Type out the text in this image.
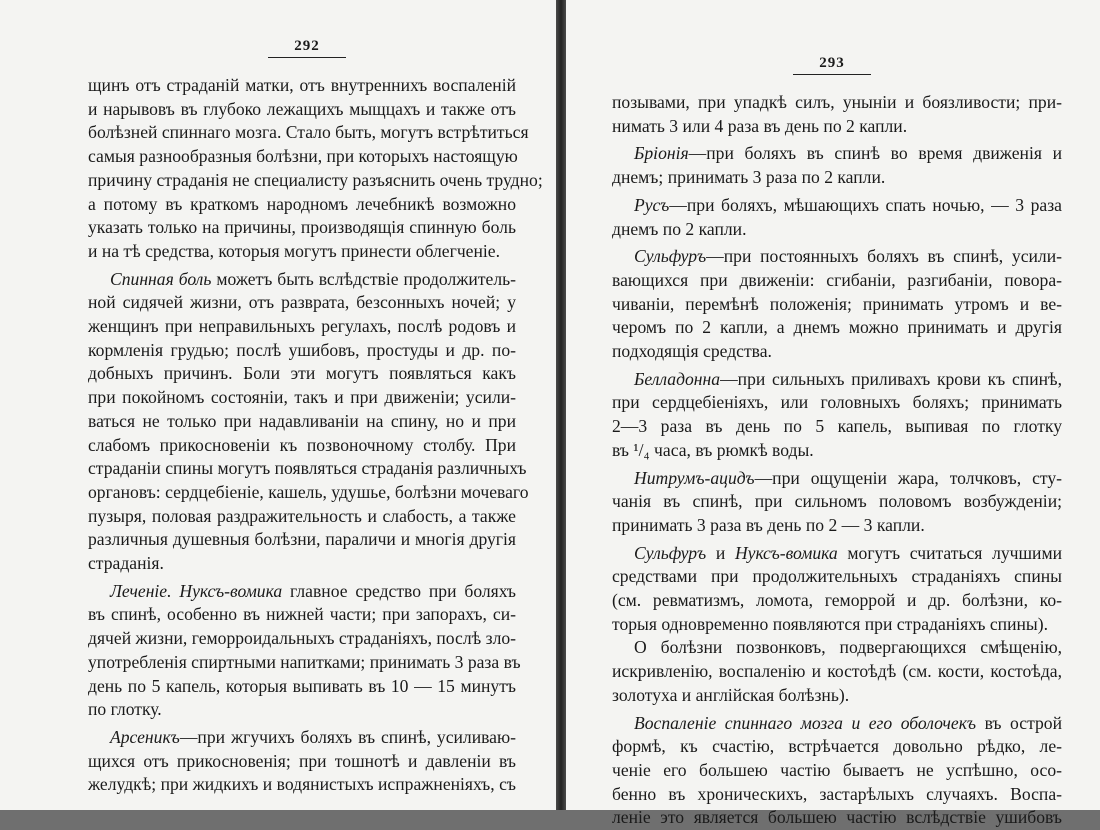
292
щинъ отъ страданій матки, отъ внутреннихъ воспаленій
и нарывовъ въ глубоко лежащихъ мыщцахъ и также отъ
болѣзней спиннаго мозга. Стало быть, могутъ встрѣтиться
самыя разнообразныя болѣзни, при которыхъ настоящую
причину страданія не специалисту разъяснить очень трудно;
а потому въ краткомъ народномъ лечебникѣ возможно
указать только на причины, производящія спинную боль
и на тѣ средства, которыя могутъ принести облегченіе.
Спинная боль можетъ быть вслѣдствіе продолжитель-
ной сидячей жизни, отъ разврата, безсонныхъ ночей; у
женщинъ при неправильныхъ регулахъ, послѣ родовъ и
кормленія грудью; послѣ ушибовъ, простуды и др. по-
добныхъ причинъ. Боли эти могутъ появляться какъ
при покойномъ состояніи, такъ и при движеніи; усили-
ваться не только при надавливаніи на спину, но и при
слабомъ прикосновеніи къ позвоночному столбу. При
страданіи спины могутъ появляться страданія различныхъ
органовъ: сердцебіеніе, кашель, удушье, болѣзни мочеваго
пузыря, половая раздражительность и слабость, а также
различныя душевныя болѣзни, параличи и многія другія
страданія.
Леченіе. Нуксъ-вомика главное средство при боляхъ
въ спинѣ, особенно въ нижней части; при запорахъ, си-
дячей жизни, геморроидальныхъ страданіяхъ, послѣ зло-
употребленія спиртными напитками; принимать 3 раза въ
день по 5 капель, которыя выпивать въ 10 — 15 минутъ
по глотку.
Арсеникъ—при жгучихъ боляхъ въ спинѣ, усиливаю-
щихся отъ прикосновенія; при тошнотѣ и давленіи въ
желудкѣ; при жидкихъ и водянистыхъ испражненіяхъ, съ
293
позывами, при упадкѣ силъ, уныніи и боязливости; при-
нимать 3 или 4 раза въ день по 2 капли.
Бріонія—при боляхъ въ спинѣ во время движенія и
днемъ; принимать 3 раза по 2 капли.
Русъ—при боляхъ, мѣшающихъ спать ночью, — 3 раза
днемъ по 2 капли.
Сульфуръ—при постоянныхъ боляхъ въ спинѣ, усили-
вающихся при движеніи: сгибаніи, разгибаніи, повора-
чиваніи, перемѣнѣ положенія; принимать утромъ и ве-
черомъ по 2 капли, а днемъ можно принимать и другія
подходящія средства.
Белладонна—при сильныхъ приливахъ крови къ спинѣ,
при сердцебіеніяхъ, или головныхъ боляхъ; принимать
2—3 раза въ день по 5 капель, выпивая по глотку
въ ¹/₄ часа, въ рюмкѣ воды.
Нитрумъ-ацидъ—при ощущеніи жара, толчковъ, сту-
чанія въ спинѣ, при сильномъ половомъ возбужденіи;
принимать 3 раза въ день по 2 — 3 капли.
Сульфуръ и Нуксъ-вомика могутъ считаться лучшими
средствами при продолжительныхъ страданіяхъ спины
(см. ревматизмъ, ломота, геморрой и др. болѣзни, ко-
торыя одновременно появляются при страданіяхъ спины).
О болѣзни позвонковъ, подвергающихся смѣщенію,
искривленію, воспаленію и костоѣдѣ (см. кости, костоѣда,
золотуха и англійская болѣзнь).
Воспаленіе спиннаго мозга и его оболочекъ въ острой
формѣ, къ счастію, встрѣчается довольно рѣдко, ле-
ченіе его большею частію бываетъ не успѣшно, осо-
бенно въ хроническихъ, застарѣлыхъ случаяхъ. Воспа-
леніе это является большею частію вслѣдствіе ушибовъ
